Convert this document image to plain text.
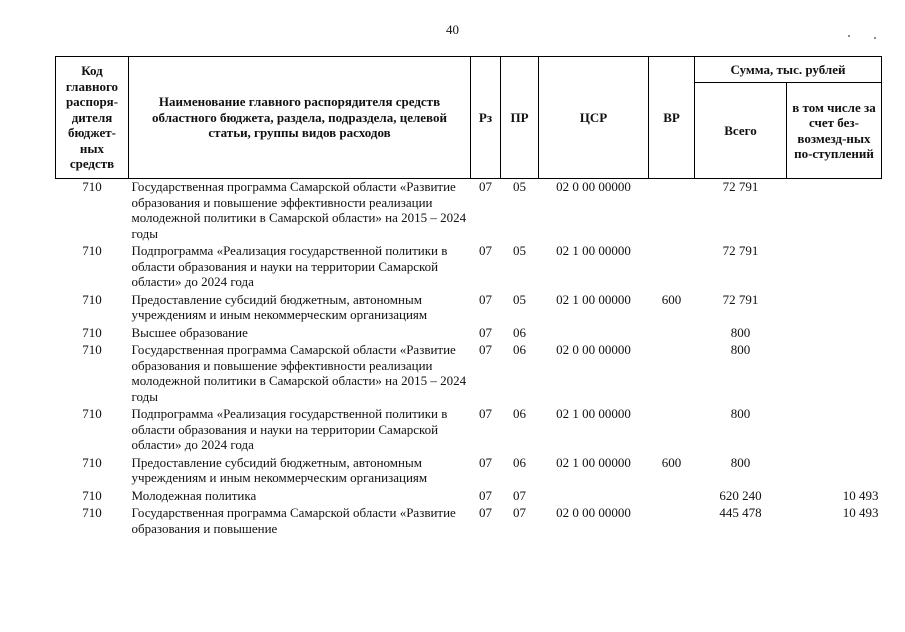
40
Код главного распоря-дителя бюджет-ных средств	Наименование главного распорядителя средств областного бюджета, раздела, подраздела, целевой статьи, группы видов расходов	Рз	ПР	ЦСР	ВР	Сумма, тыс. рублей	
						Всего	в том числе за счет без-возмезд-ных по-ступлений
710	Государственная программа Самарской области «Развитие образования и повышение эффективности реализации молодежной политики в Самарской области» на 2015 – 2024 годы	07	05	02 0 00 00000		72 791	
710	Подпрограмма «Реализация государственной политики в области образования и науки на территории Самарской области» до 2024 года	07	05	02 1 00 00000		72 791	
710	Предоставление субсидий бюджетным, автономным учреждениям и иным некоммерческим организациям	07	05	02 1 00 00000	600	72 791	
710	Высшее образование	07	06			800	
710	Государственная программа Самарской области «Развитие образования и повышение эффективности реализации молодежной политики в Самарской области» на 2015 – 2024 годы	07	06	02 0 00 00000		800	
710	Подпрограмма «Реализация государственной политики в области образования и науки на территории Самарской области» до 2024 года	07	06	02 1 00 00000		800	
710	Предоставление субсидий бюджетным, автономным учреждениям и иным некоммерческим организациям	07	06	02 1 00 00000	600	800	
710	Молодежная политика	07	07			620 240	10 493
710	Государственная программа Самарской области «Развитие образования и повышение	07	07	02 0 00 00000		445 478	10 493
